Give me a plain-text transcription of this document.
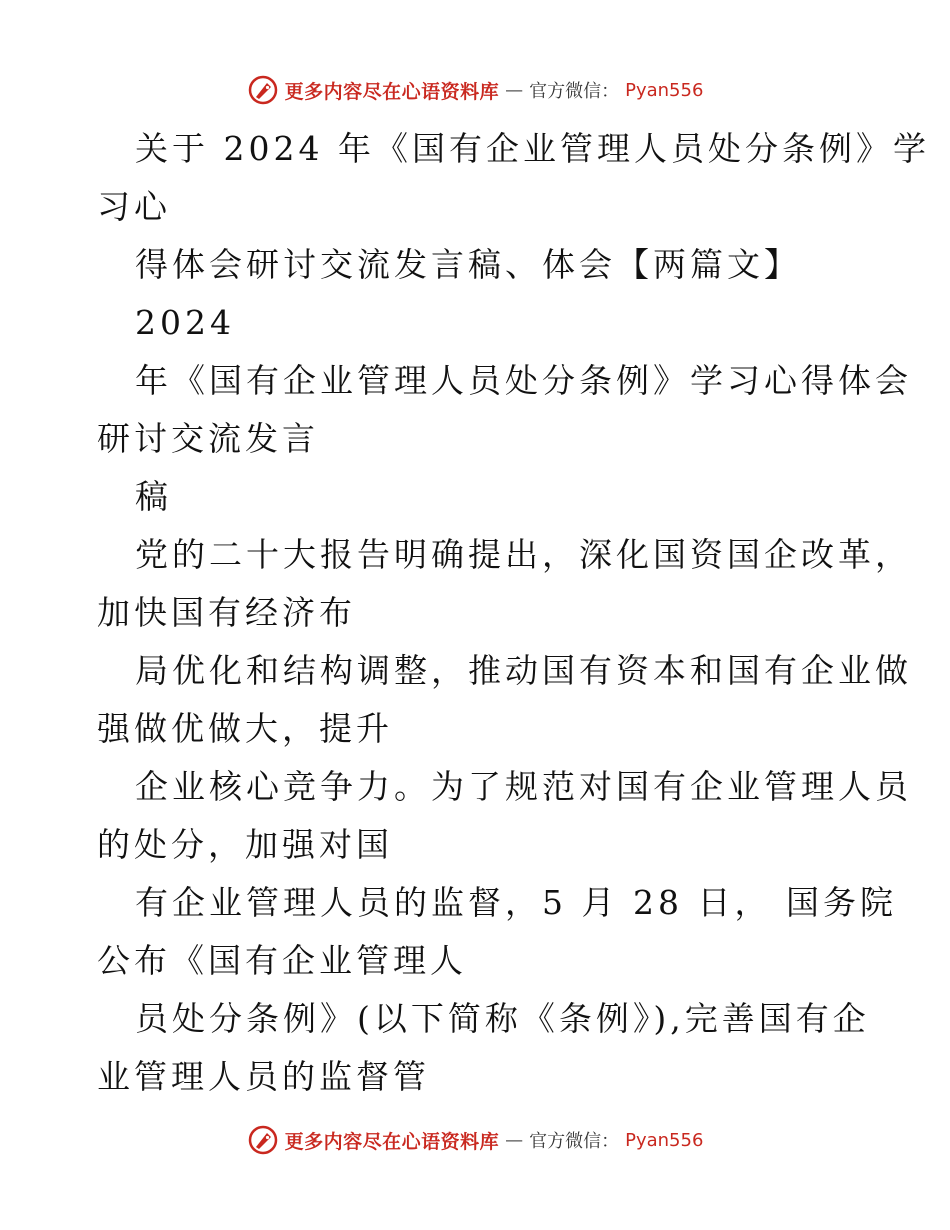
更多内容尽在心语资料库 — 官方微信： Pyan556
关于 2024 年《国有企业管理人员处分条例》学
习心
得体会研讨交流发言稿、体会【两篇文】
2024
年《国有企业管理人员处分条例》学习心得体会
研讨交流发言
稿
党的二十大报告明确提出，深化国资国企改革，
加快国有经济布
局优化和结构调整，推动国有资本和国有企业做
强做优做大，提升
企业核心竞争力。为了规范对国有企业管理人员
的处分，加强对国
有企业管理人员的监督，5 月 28 日， 国务院
公布《国有企业管理人
员处分条例》(以下简称《条例》),完善国有企
业管理人员的监督管
更多内容尽在心语资料库 — 官方微信： Pyan556
